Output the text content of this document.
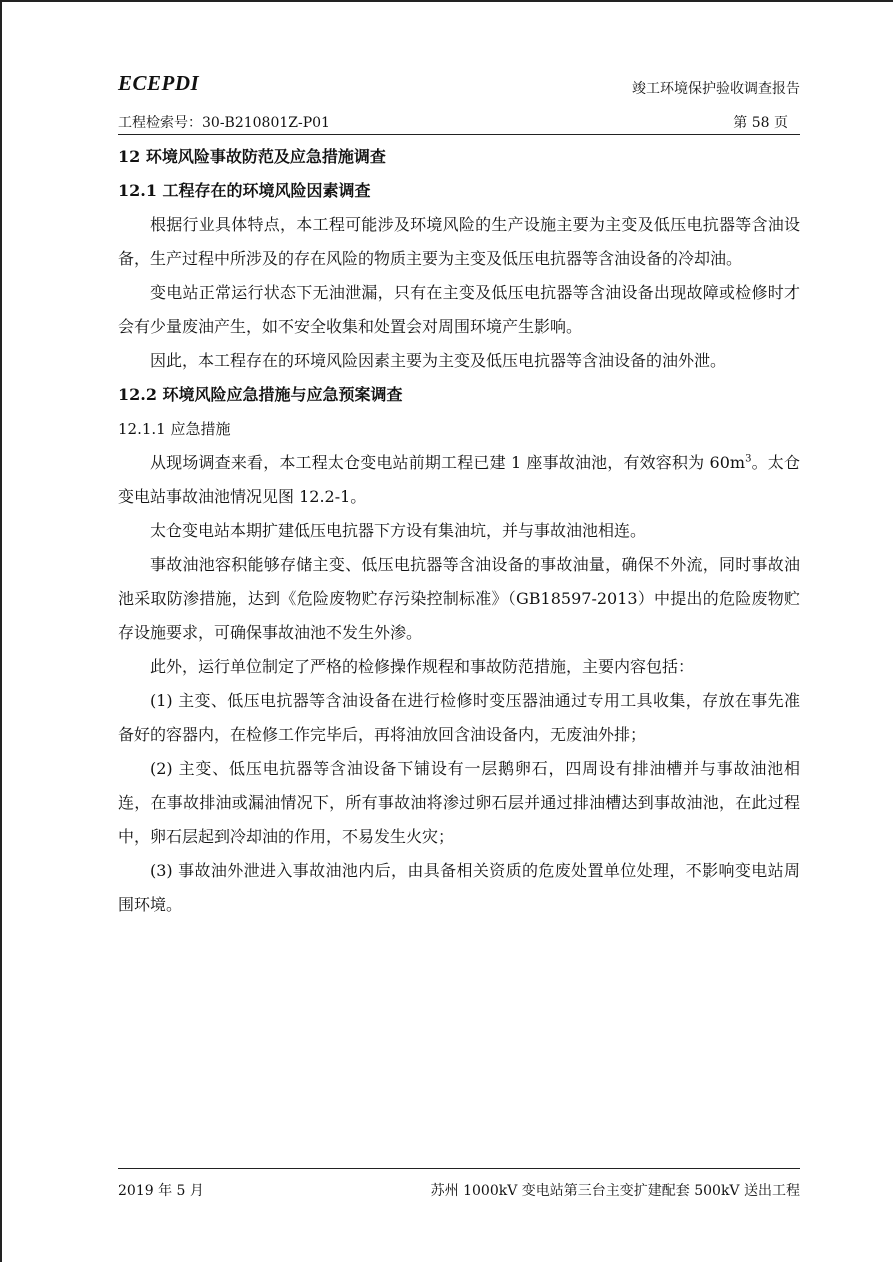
ECEPDI	竣工环境保护验收调查报告
工程检索号：30-B210801Z-P01	第 58 页

12 环境风险事故防范及应急措施调查

12.1 工程存在的环境风险因素调查

根据行业具体特点，本工程可能涉及环境风险的生产设施主要为主变及低压电抗器等含油设备，生产过程中所涉及的存在风险的物质主要为主变及低压电抗器等含油设备的冷却油。

变电站正常运行状态下无油泄漏，只有在主变及低压电抗器等含油设备出现故障或检修时才会有少量废油产生，如不安全收集和处置会对周围环境产生影响。

因此，本工程存在的环境风险因素主要为主变及低压电抗器等含油设备的油外泄。

12.2 环境风险应急措施与应急预案调查

12.1.1 应急措施

从现场调查来看，本工程太仓变电站前期工程已建 1 座事故油池，有效容积为 $60m^3$。太仓变电站事故油池情况见图 12.2-1。

太仓变电站本期扩建低压电抗器下方设有集油坑，并与事故油池相连。

事故油池容积能够存储主变、低压电抗器等含油设备的事故油量，确保不外流，同时事故油池采取防渗措施，达到《危险废物贮存污染控制标准》（GB18597-2013）中提出的危险废物贮存设施要求，可确保事故油池不发生外渗。

此外，运行单位制定了严格的检修操作规程和事故防范措施，主要内容包括：

(1) 主变、低压电抗器等含油设备在进行检修时变压器油通过专用工具收集，存放在事先准备好的容器内，在检修工作完毕后，再将油放回含油设备内，无废油外排；

(2) 主变、低压电抗器等含油设备下铺设有一层鹅卵石，四周设有排油槽并与事故油池相连，在事故排油或漏油情况下，所有事故油将渗过卵石层并通过排油槽达到事故油池，在此过程中，卵石层起到冷却油的作用，不易发生火灾；

(3) 事故油外泄进入事故油池内后，由具备相关资质的危废处置单位处理，不影响变电站周围环境。

2019 年 5 月	苏州 1000kV 变电站第三台主变扩建配套 500kV 送出工程
